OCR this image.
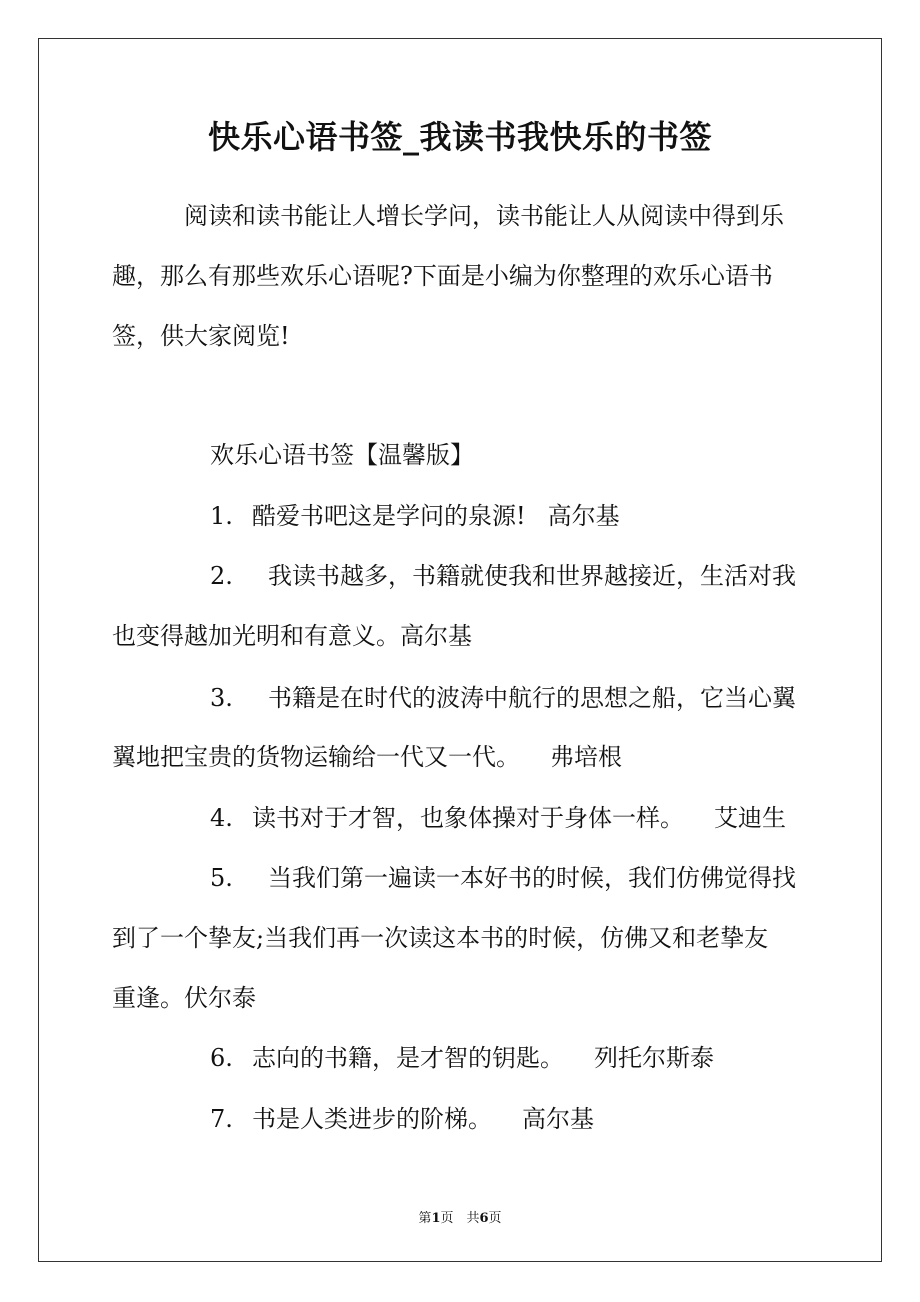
快乐心语书签_我读书我快乐的书签
阅读和读书能让人增长学问，读书能让人从阅读中得到乐
趣，那么有那些欢乐心语呢?下面是小编为你整理的欢乐心语书
签，供大家阅览!
欢乐心语书签【温馨版】
1. 酷爱书吧这是学问的泉源! 高尔基
2. 我读书越多，书籍就使我和世界越接近，生活对我
也变得越加光明和有意义。高尔基
3. 书籍是在时代的波涛中航行的思想之船，它当心翼
翼地把宝贵的货物运输给一代又一代。 弗培根
4. 读书对于才智，也象体操对于身体一样。 艾迪生
5. 当我们第一遍读一本好书的时候，我们仿佛觉得找
到了一个挚友;当我们再一次读这本书的时候，仿佛又和老挚友
重逢。伏尔泰
6. 志向的书籍，是才智的钥匙。 列托尔斯泰
7. 书是人类进步的阶梯。 高尔基
第1页　共6页
